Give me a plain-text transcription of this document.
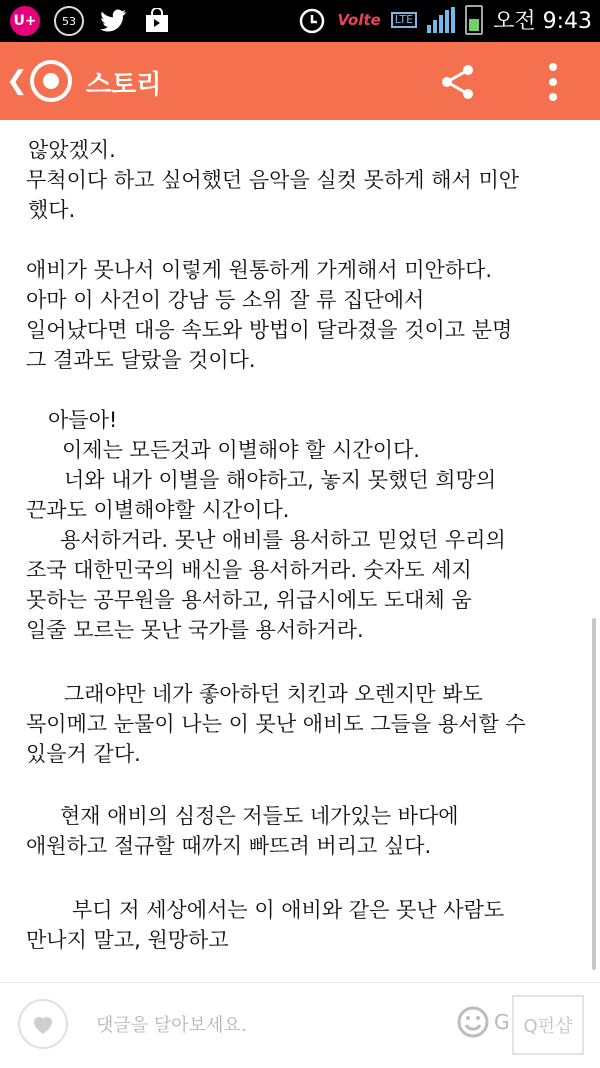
U+ 53	Volte	LTE	오전 9:43
❮ 스토리
않았겠지.
무척이다 하고 싶어했던 음악을 실컷 못하게 해서 미안
했다.
애비가 못나서 이렇게 원통하게 가게해서 미안하다.
아마 이 사건이 강남 등 소위 잘 류 집단에서
일어났다면 대응 속도와 방법이 달라졌을 것이고 분명
그 결과도 달랐을 것이다.
아들아!
이제는 모든것과 이별해야 할 시간이다.
너와 내가 이별을 해야하고, 놓지 못했던 희망의
끈과도 이별해야할 시간이다.
용서하거라. 못난 애비를 용서하고 믿었던 우리의
조국 대한민국의 배신을 용서하거라. 숫자도 세지
못하는 공무원을 용서하고, 위급시에도 도대체 움
일줄 모르는 못난 국가를 용서하거라.
그래야만 네가 좋아하던 치킨과 오렌지만 봐도
목이메고 눈물이 나는 이 못난 애비도 그들을 용서할 수
있을거 같다.
현재 애비의 심정은 저들도 네가있는 바다에
애원하고 절규할 때까지 빠뜨려 버리고 싶다.
부디 저 세상에서는 이 애비와 같은 못난 사람도
만나지 말고, 원망하고
댓글을 달아보세요.	G Q펀샵
